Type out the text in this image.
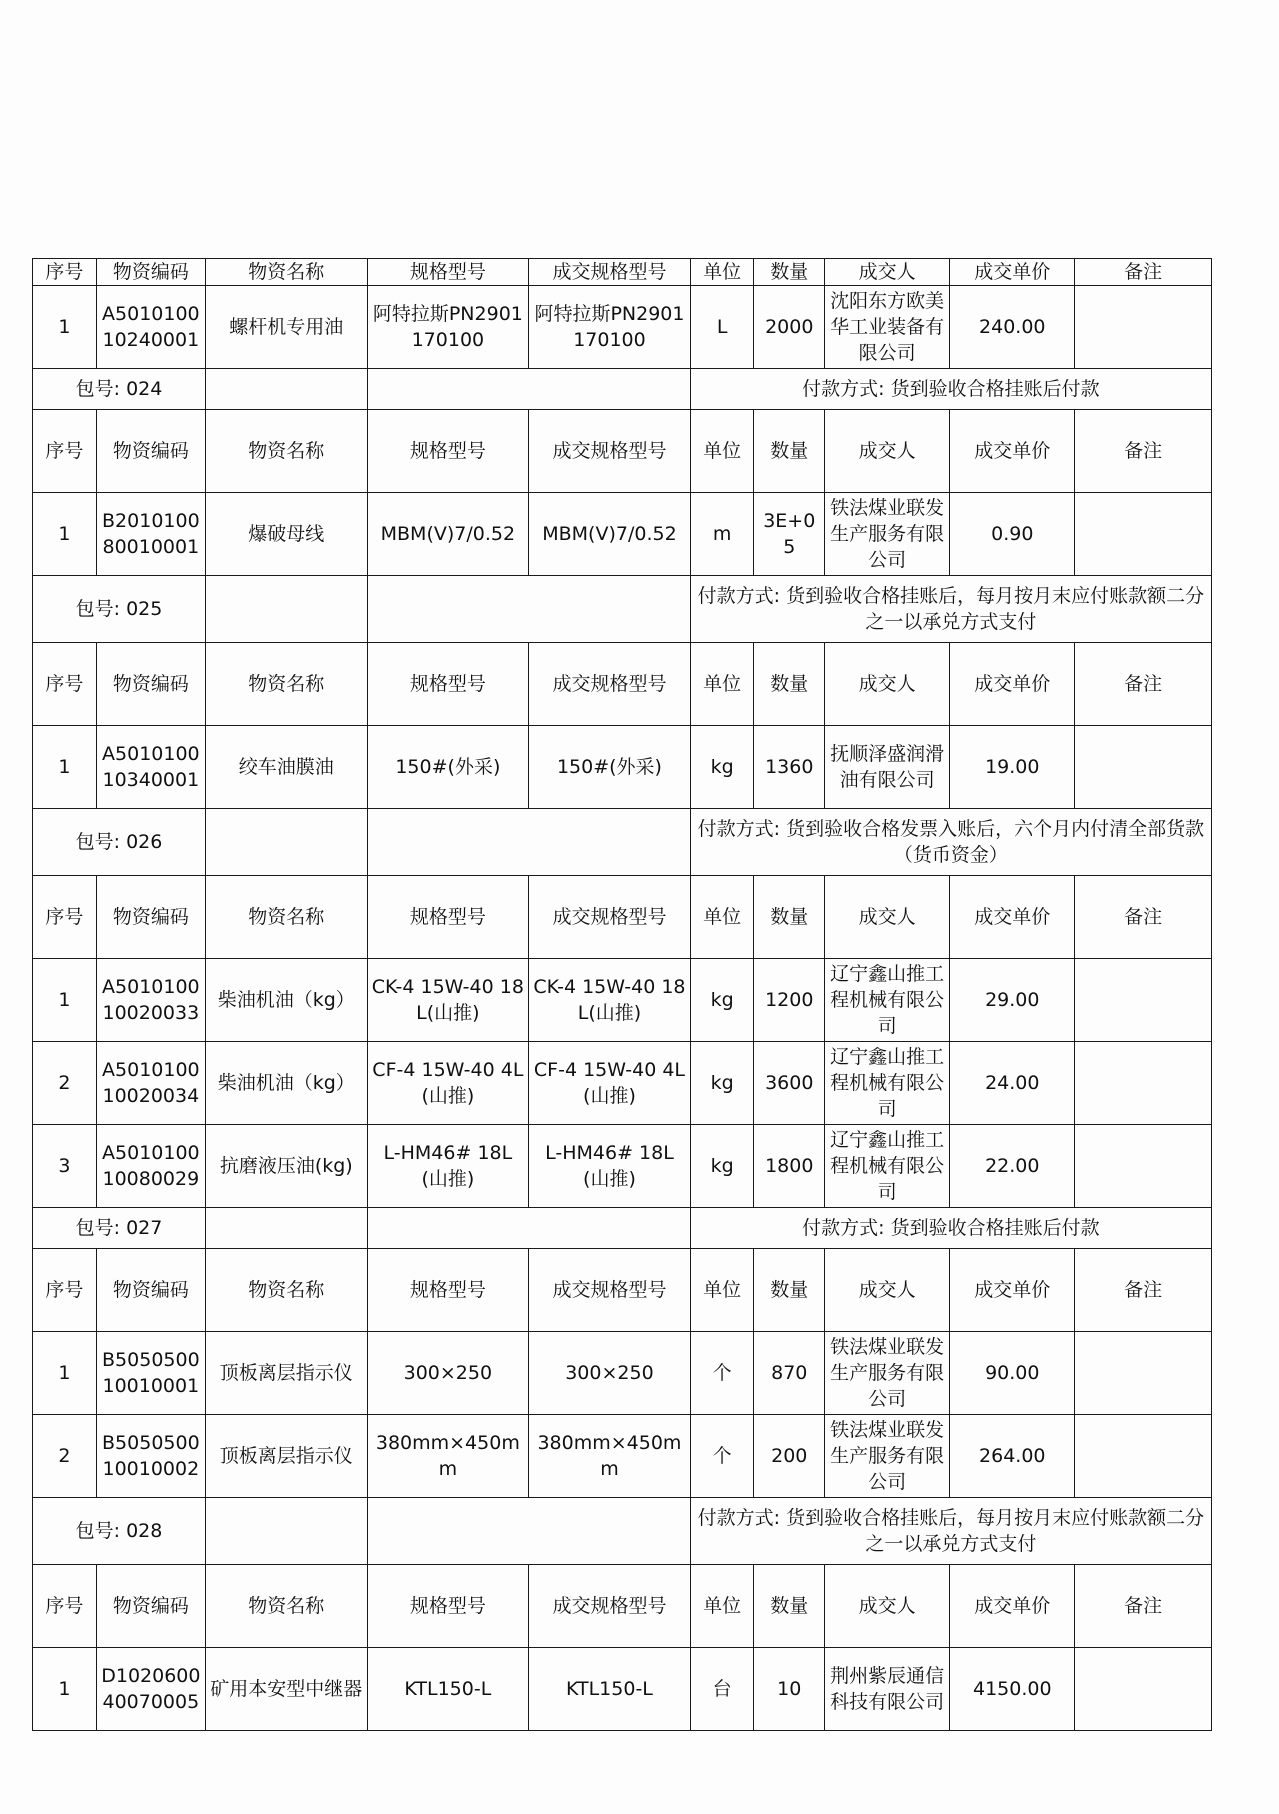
序号	物资编码	物资名称	规格型号	成交规格型号	单位	数量	成交人	成交单价	备注
1	A501010010240001	螺杆机专用油	阿特拉斯PN2901170100	阿特拉斯PN2901170100	L	2000	沈阳东方欧美华工业装备有限公司	240.00	
包号: 024					付款方式: 货到验收合格挂账后付款				
序号	物资编码	物资名称	规格型号	成交规格型号	单位	数量	成交人	成交单价	备注
1	B201010080010001	爆破母线	MBM(V)7/0.52	MBM(V)7/0.52	m	3E+05	铁法煤业联发生产服务有限公司	0.90	
包号: 025					付款方式: 货到验收合格挂账后，每月按月末应付账款额二分之一以承兑方式支付				
序号	物资编码	物资名称	规格型号	成交规格型号	单位	数量	成交人	成交单价	备注
1	A501010010340001	绞车油膜油	150#(外采)	150#(外采)	kg	1360	抚顺泽盛润滑油有限公司	19.00	
包号: 026					付款方式: 货到验收合格发票入账后，六个月内付清全部货款（货币资金）				
序号	物资编码	物资名称	规格型号	成交规格型号	单位	数量	成交人	成交单价	备注
1	A501010010020033	柴油机油（kg）	CK-4 15W-40 18L(山推)	CK-4 15W-40 18L(山推)	kg	1200	辽宁鑫山推工程机械有限公司	29.00	
2	A501010010020034	柴油机油（kg）	CF-4 15W-40 4L(山推)	CF-4 15W-40 4L(山推)	kg	3600	辽宁鑫山推工程机械有限公司	24.00	
3	A501010010080029	抗磨液压油(kg)	L-HM46# 18L(山推)	L-HM46# 18L(山推)	kg	1800	辽宁鑫山推工程机械有限公司	22.00	
包号: 027					付款方式: 货到验收合格挂账后付款				
序号	物资编码	物资名称	规格型号	成交规格型号	单位	数量	成交人	成交单价	备注
1	B505050010010001	顶板离层指示仪	300×250	300×250	个	870	铁法煤业联发生产服务有限公司	90.00	
2	B505050010010002	顶板离层指示仪	380mm×450mm	380mm×450mm	个	200	铁法煤业联发生产服务有限公司	264.00	
包号: 028					付款方式: 货到验收合格挂账后，每月按月末应付账款额二分之一以承兑方式支付				
序号	物资编码	物资名称	规格型号	成交规格型号	单位	数量	成交人	成交单价	备注
1	D102060040070005	矿用本安型中继器	KTL150-L	KTL150-L	台	10	荆州紫辰通信科技有限公司	4150.00	
